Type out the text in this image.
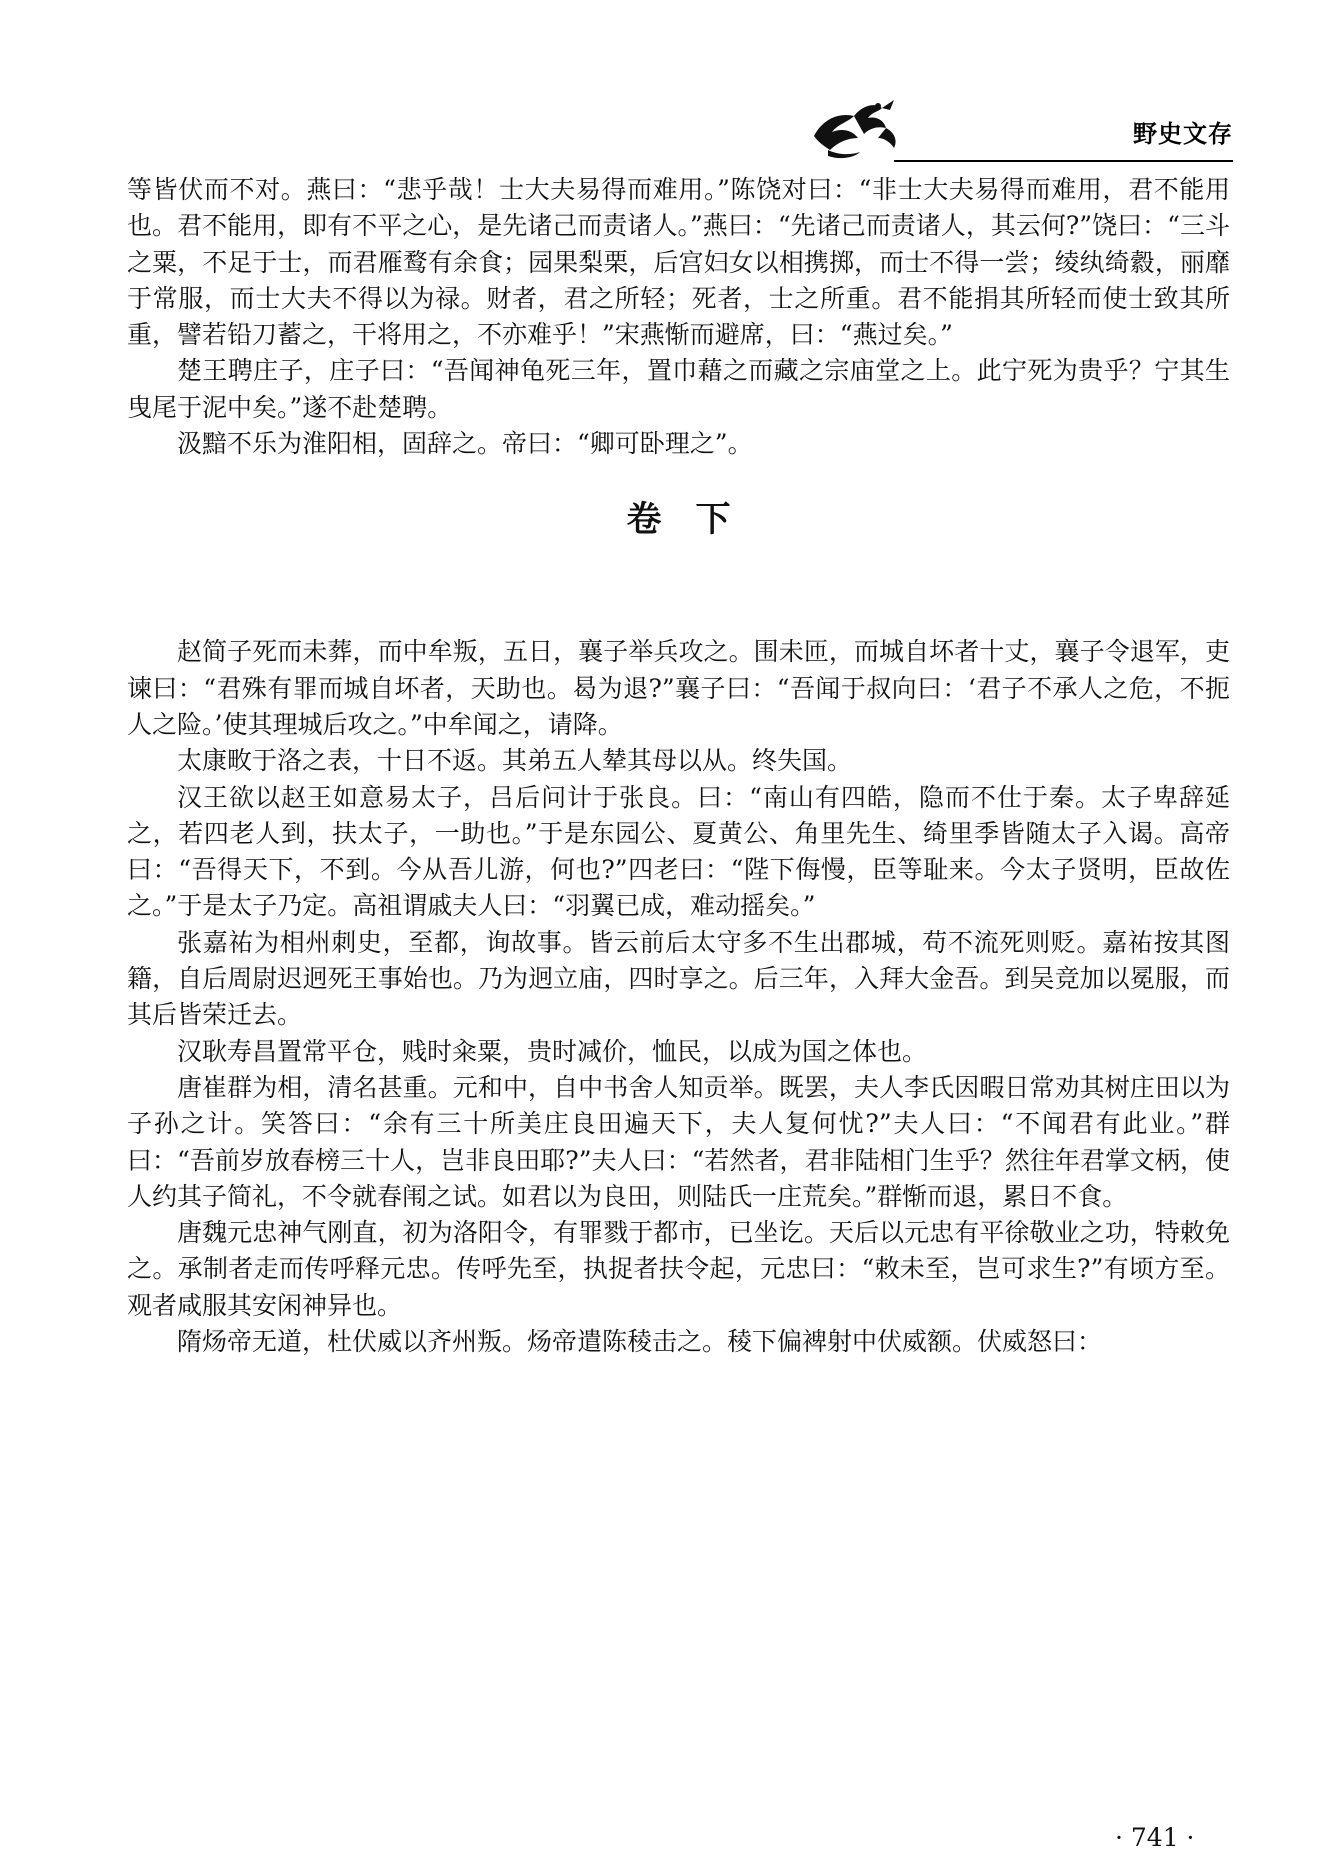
野史文存

等皆伏而不对。燕曰：“悲乎哉！士大夫易得而难用。”陈饶对曰：“非士大夫易得而难用，君不能用也。君不能用，即有不平之心，是先诸己而责诸人。”燕曰：“先诸己而责诸人，其云何?”饶曰：“三斗之粟，不足于士，而君雁鹜有余食；园果梨栗，后宫妇女以相携掷，而士不得一尝；绫纨绮縠，丽靡于常服，而士大夫不得以为禄。财者，君之所轻；死者，士之所重。君不能捐其所轻而使士致其所重，譬若铅刀蓄之，干将用之，不亦难乎！”宋燕惭而避席，曰：“燕过矣。”

楚王聘庄子，庄子曰：“吾闻神龟死三年，置巾藉之而藏之宗庙堂之上。此宁死为贵乎？宁其生曳尾于泥中矣。”遂不赴楚聘。

汲黯不乐为淮阳相，固辞之。帝曰：“卿可卧理之”。

卷下

赵简子死而未葬，而中牟叛，五日，襄子举兵攻之。围未匝，而城自坏者十丈，襄子令退军，吏谏曰：“君殊有罪而城自坏者，天助也。曷为退?”襄子曰：“吾闻于叔向曰：‘君子不承人之危，不扼人之险。’使其理城后攻之。”中牟闻之，请降。

太康畋于洛之表，十日不返。其弟五人辇其母以从。终失国。

汉王欲以赵王如意易太子，吕后问计于张良。曰：“南山有四皓，隐而不仕于秦。太子卑辞延之，若四老人到，扶太子，一助也。”于是东园公、夏黄公、角里先生、绮里季皆随太子入谒。高帝曰：“吾得天下，不到。今从吾儿游，何也?”四老曰：“陛下侮慢，臣等耻来。今太子贤明，臣故佐之。”于是太子乃定。高祖谓戚夫人曰：“羽翼已成，难动摇矣。”

张嘉祐为相州刺史，至都，询故事。皆云前后太守多不生出郡城，苟不流死则贬。嘉祐按其图籍，自后周尉迟迥死王事始也。乃为迥立庙，四时享之。后三年，入拜大金吾。到吴竞加以冕服，而其后皆荣迁去。

汉耿寿昌置常平仓，贱时籴粟，贵时减价，恤民，以成为国之体也。

唐崔群为相，清名甚重。元和中，自中书舍人知贡举。既罢，夫人李氏因暇日常劝其树庄田以为子孙之计。笑答曰：“余有三十所美庄良田遍天下，夫人复何忧?”夫人曰：“不闻君有此业。”群曰：“吾前岁放春榜三十人，岂非良田耶?”夫人曰：“若然者，君非陆相门生乎？然往年君掌文柄，使人约其子简礼，不令就春闱之试。如君以为良田，则陆氏一庄荒矣。”群惭而退，累日不食。

唐魏元忠神气刚直，初为洛阳令，有罪戮于都市，已坐讫。天后以元忠有平徐敬业之功，特敕免之。承制者走而传呼释元忠。传呼先至，执捉者扶令起，元忠曰：“敕未至，岂可求生?”有顷方至。观者咸服其安闲神异也。

隋炀帝无道，杜伏威以齐州叛。炀帝遣陈稜击之。稜下偏裨射中伏威额。伏威怒曰：

· 741 ·
